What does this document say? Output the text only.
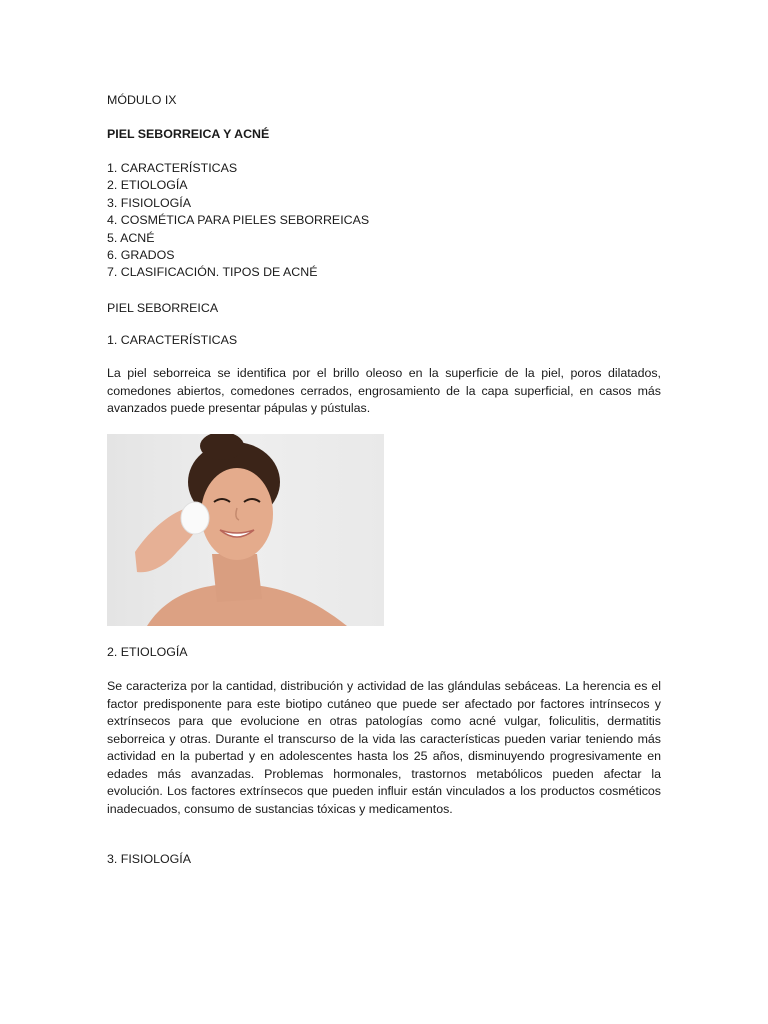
MÓDULO IX
PIEL SEBORREICA Y ACNÉ
1. CARACTERÍSTICAS
2. ETIOLOGÍA
3. FISIOLOGÍA
4. COSMÉTICA PARA PIELES SEBORREICAS
5. ACNÉ
6. GRADOS
7. CLASIFICACIÓN. TIPOS DE ACNÉ
PIEL SEBORREICA
1. CARACTERÍSTICAS

La piel seborreica se identifica por el brillo oleoso en la superficie de la piel, poros dilatados, comedones abiertos, comedones cerrados, engrosamiento de la capa superficial, en casos más avanzados puede presentar pápulas y pústulas.

2. ETIOLOGÍA

Se caracteriza por la cantidad, distribución y actividad de las glándulas sebáceas. La herencia es el factor predisponente para este biotipo cutáneo que puede ser afectado por factores intrínsecos y extrínsecos para que evolucione en otras patologías como acné vulgar, foliculitis, dermatitis seborreica y otras. Durante el transcurso de la vida las características pueden variar teniendo más actividad en la pubertad y en adolescentes hasta los 25 años, disminuyendo progresivamente en edades más avanzadas. Problemas hormonales, trastornos metabólicos pueden afectar la evolución. Los factores extrínsecos que pueden influir están vinculados a los productos cosméticos inadecuados, consumo de sustancias tóxicas y medicamentos.

3. FISIOLOGÍA
